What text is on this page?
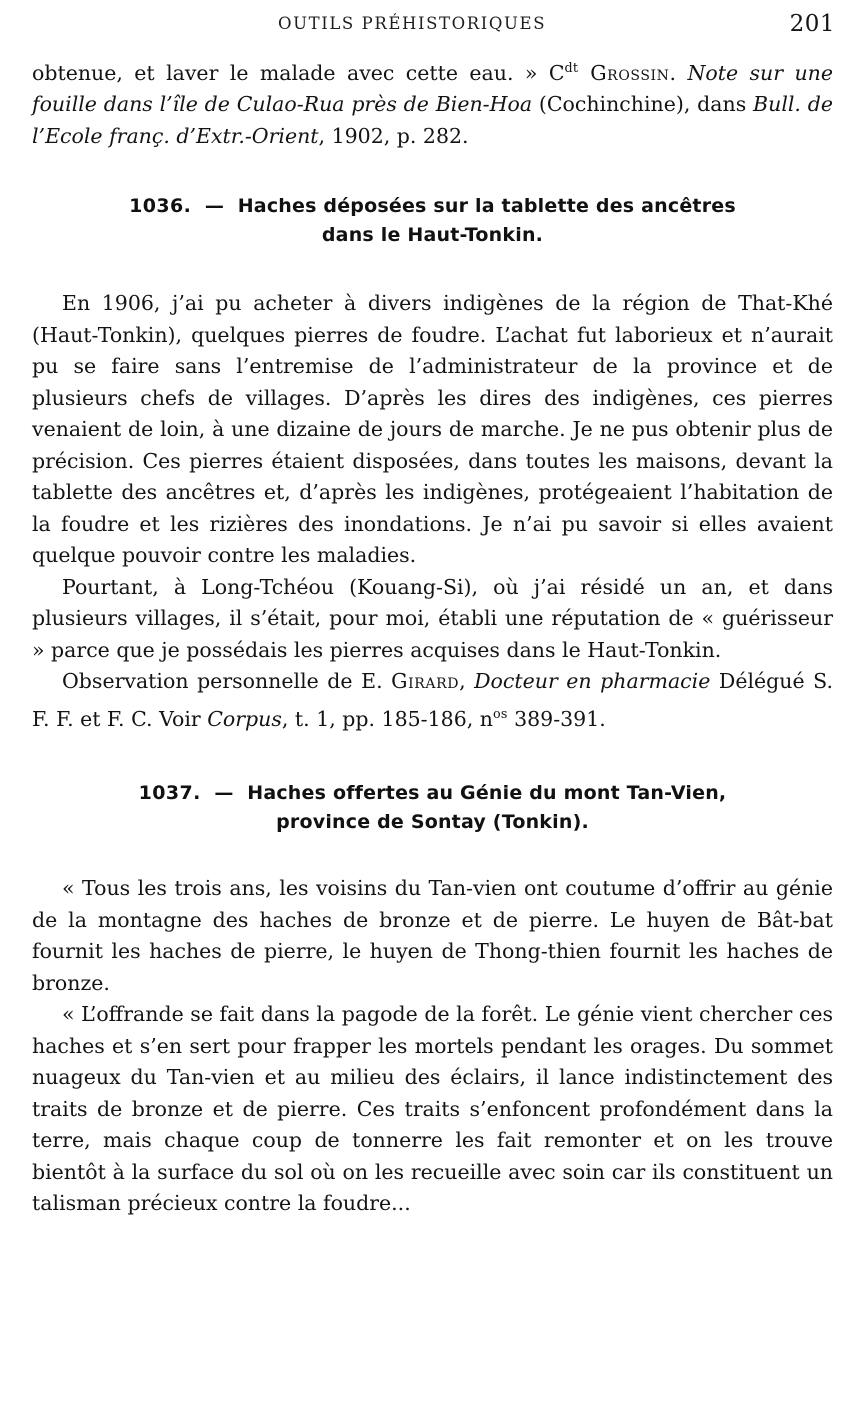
OUTILS PRÉHISTORIQUES	201

obtenue, et laver le malade avec cette eau. » $C^{dt}$ Grossin. Note sur une fouille dans l’île de Culao-Rua près de Bien-Hoa (Cochinchine), dans Bull. de l’Ecole franç. d’Extr.-Orient, 1902, p. 282.

1036. — Haches déposées sur la tablette des ancêtres
dans le Haut-Tonkin.

En 1906, j’ai pu acheter à divers indigènes de la région de That-Khé (Haut-Tonkin), quelques pierres de foudre. L’achat fut laborieux et n’aurait pu se faire sans l’entremise de l’administrateur de la province et de plusieurs chefs de villages. D’après les dires des indigènes, ces pierres venaient de loin, à une dizaine de jours de marche. Je ne pus obtenir plus de précision. Ces pierres étaient disposées, dans toutes les maisons, devant la tablette des ancêtres et, d’après les indigènes, protégeaient l’habitation de la foudre et les rizières des inondations. Je n’ai pu savoir si elles avaient quelque pouvoir contre les maladies.

Pourtant, à Long-Tchéou (Kouang-Si), où j’ai résidé un an, et dans plusieurs villages, il s’était, pour moi, établi une réputation de « guérisseur » parce que je possédais les pierres acquises dans le Haut-Tonkin.

Observation personnelle de E. Girard, Docteur en pharmacie Délégué S. F. F. et F. C. Voir Corpus, t. 1, pp. 185-186, $n^{os}$ 389-391.

1037. — Haches offertes au Génie du mont Tan-Vien,
province de Sontay (Tonkin).

« Tous les trois ans, les voisins du Tan-vien ont coutume d’offrir au génie de la montagne des haches de bronze et de pierre. Le huyen de Bât-bat fournit les haches de pierre, le huyen de Thong-thien fournit les haches de bronze.

« L’offrande se fait dans la pagode de la forêt. Le génie vient chercher ces haches et s’en sert pour frapper les mortels pendant les orages. Du sommet nuageux du Tan-vien et au milieu des éclairs, il lance indistinctement des traits de bronze et de pierre. Ces traits s’enfoncent profondément dans la terre, mais chaque coup de tonnerre les fait remonter et on les trouve bientôt à la surface du sol où on les recueille avec soin car ils constituent un talisman précieux contre la foudre...
